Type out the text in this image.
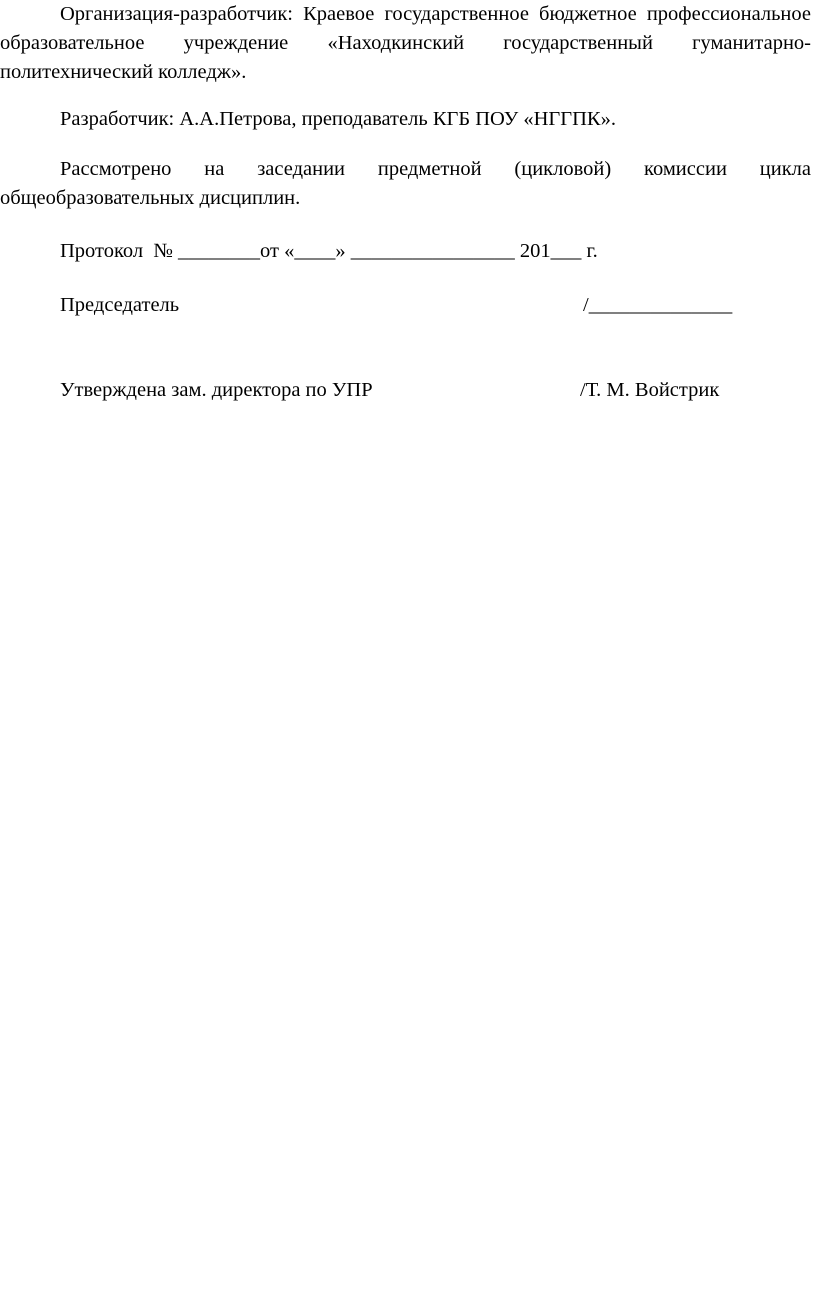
Организация-разработчик: Краевое государственное бюджетное профессиональное образовательное учреждение «Находкинский государственный гуманитарно-политехнический колледж».

Разработчик: А.А.Петрова, преподаватель КГБ ПОУ «НГГПК».

Рассмотрено на заседании предметной (цикловой) комиссии цикла
общеобразовательных дисциплин.

Протокол  № ________от «____» ________________ 201___ г.
Председатель	/______________
Утверждена зам. директора по УПР	/Т. М. Войстрик
